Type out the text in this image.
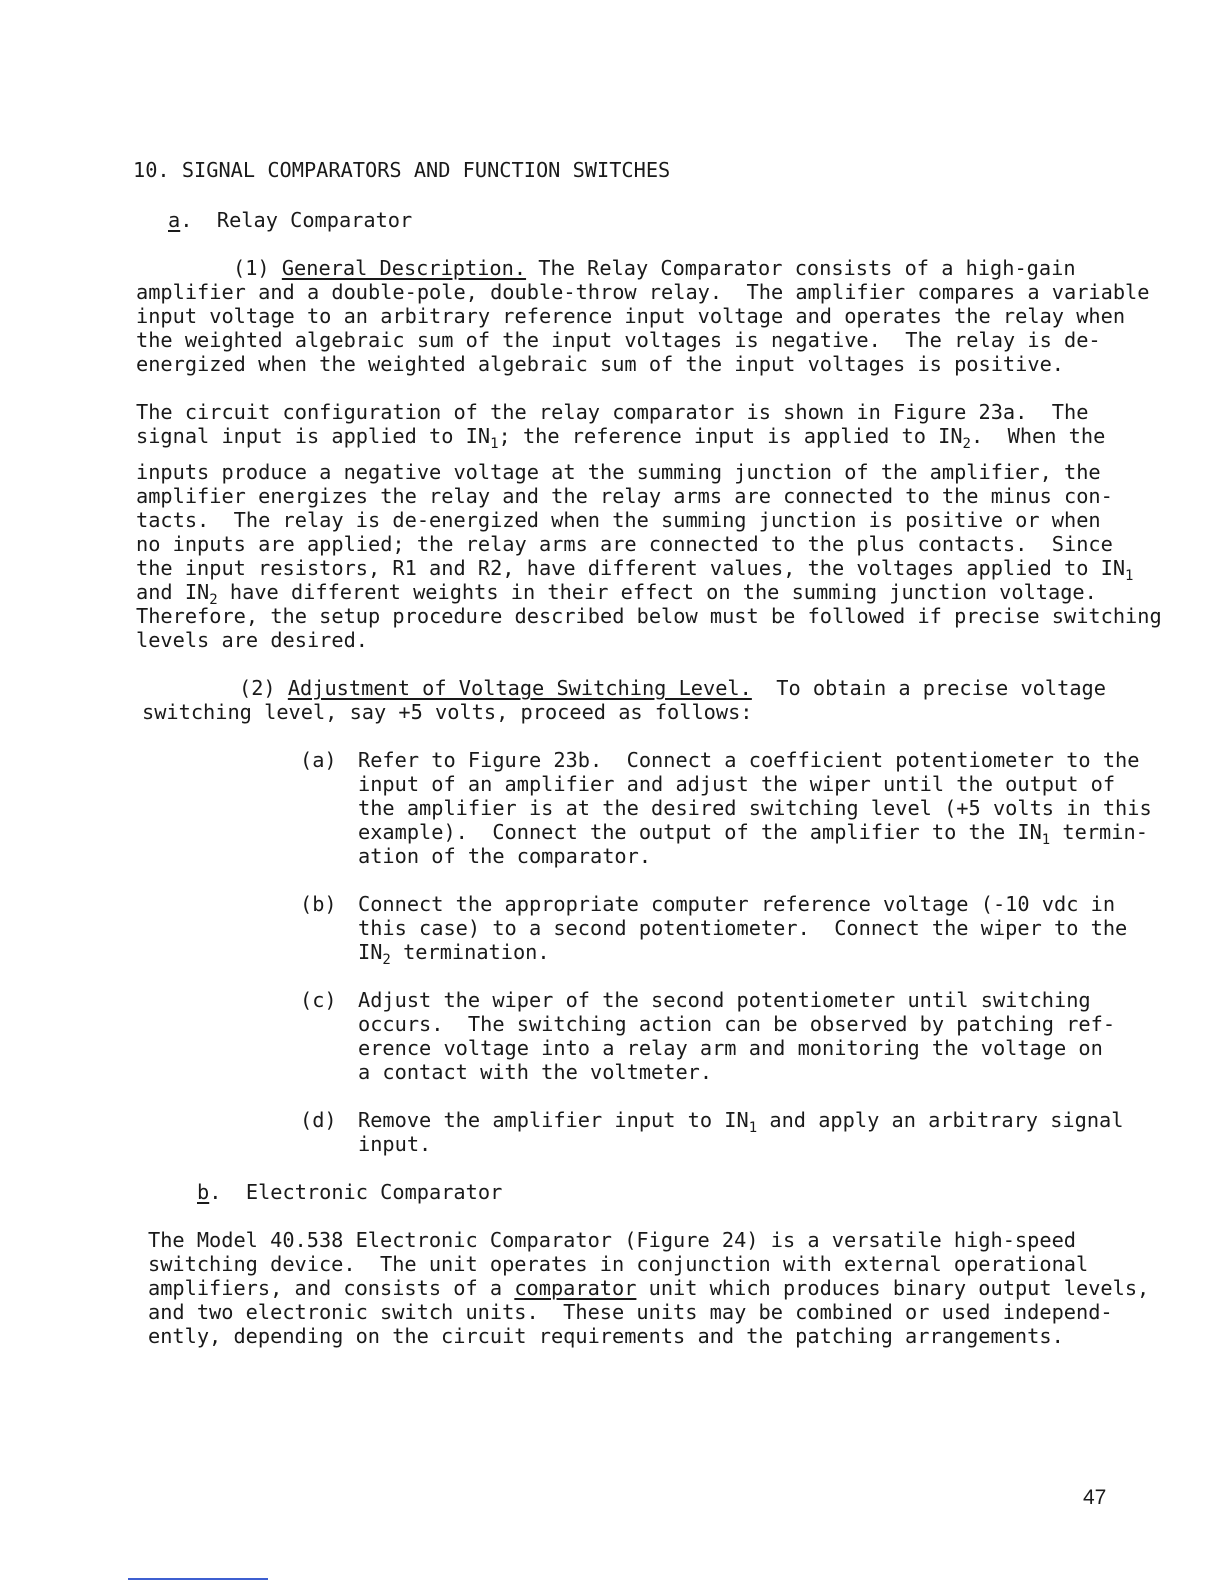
10. SIGNAL COMPARATORS AND FUNCTION SWITCHES
a.  Relay Comparator
(1) General Description. The Relay Comparator consists of a high-gain
amplifier and a double-pole, double-throw relay.  The amplifier compares a variable
input voltage to an arbitrary reference input voltage and operates the relay when
the weighted algebraic sum of the input voltages is negative.  The relay is de-
energized when the weighted algebraic sum of the input voltages is positive.
The circuit configuration of the relay comparator is shown in Figure 23a.  The
signal input is applied to $IN_1$; the reference input is applied to $IN_2$.  When the
inputs produce a negative voltage at the summing junction of the amplifier, the
amplifier energizes the relay and the relay arms are connected to the minus con-
tacts.  The relay is de-energized when the summing junction is positive or when
no inputs are applied; the relay arms are connected to the plus contacts.  Since
the input resistors, R1 and R2, have different values, the voltages applied to $IN_1$
and $IN_2$ have different weights in their effect on the summing junction voltage.
Therefore, the setup procedure described below must be followed if precise switching
levels are desired.
(2) Adjustment of Voltage Switching Level.  To obtain a precise voltage
switching level, say +5 volts, proceed as follows:
(a) Refer to Figure 23b.  Connect a coefficient potentiometer to the
input of an amplifier and adjust the wiper until the output of
the amplifier is at the desired switching level (+5 volts in this
example).  Connect the output of the amplifier to the $IN_1$ termin-
ation of the comparator.
(b) Connect the appropriate computer reference voltage (-10 vdc in
this case) to a second potentiometer.  Connect the wiper to the
$IN_2$ termination.
(c) Adjust the wiper of the second potentiometer until switching
occurs.  The switching action can be observed by patching ref-
erence voltage into a relay arm and monitoring the voltage on
a contact with the voltmeter.
(d) Remove the amplifier input to $IN_1$ and apply an arbitrary signal
input.
b.  Electronic Comparator
The Model 40.538 Electronic Comparator (Figure 24) is a versatile high-speed
switching device.  The unit operates in conjunction with external operational
amplifiers, and consists of a comparator unit which produces binary output levels,
and two electronic switch units.  These units may be combined or used independ-
ently, depending on the circuit requirements and the patching arrangements.
47
